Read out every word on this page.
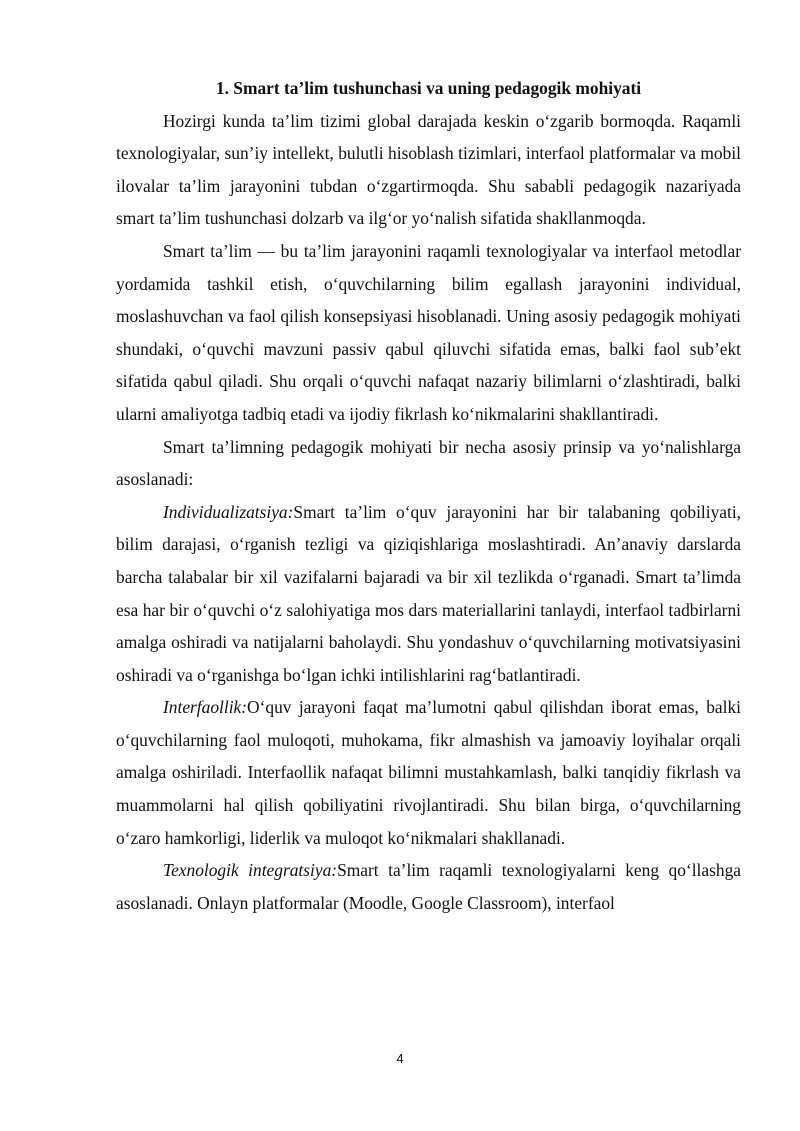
1. Smart ta’lim tushunchasi va uning pedagogik mohiyati

Hozirgi kunda ta’lim tizimi global darajada keskin o‘zgarib bormoqda. Raqamli texnologiyalar, sun’iy intellekt, bulutli hisoblash tizimlari, interfaol platformalar va mobil ilovalar ta’lim jarayonini tubdan o‘zgartirmoqda. Shu sababli pedagogik nazariyada smart ta’lim tushunchasi dolzarb va ilg‘or yo‘nalish sifatida shakllanmoqda.

Smart ta’lim — bu ta’lim jarayonini raqamli texnologiyalar va interfaol metodlar yordamida tashkil etish, o‘quvchilarning bilim egallash jarayonini individual, moslashuvchan va faol qilish konsepsiyasi hisoblanadi. Uning asosiy pedagogik mohiyati shundaki, o‘quvchi mavzuni passiv qabul qiluvchi sifatida emas, balki faol sub’ekt sifatida qabul qiladi. Shu orqali o‘quvchi nafaqat nazariy bilimlarni o‘zlashtiradi, balki ularni amaliyotga tadbiq etadi va ijodiy fikrlash ko‘nikmalarini shakllantiradi.

Smart ta’limning pedagogik mohiyati bir necha asosiy prinsip va yo‘nalishlarga asoslanadi:

Individualizatsiya:Smart ta’lim o‘quv jarayonini har bir talabaning qobiliyati, bilim darajasi, o‘rganish tezligi va qiziqishlariga moslashtiradi. An’anaviy darslarda barcha talabalar bir xil vazifalarni bajaradi va bir xil tezlikda o‘rganadi. Smart ta’limda esa har bir o‘quvchi o‘z salohiyatiga mos dars materiallarini tanlaydi, interfaol tadbirlarni amalga oshiradi va natijalarni baholaydi. Shu yondashuv o‘quvchilarning motivatsiyasini oshiradi va o‘rganishga bo‘lgan ichki intilishlarini rag‘batlantiradi.

Interfaollik:O‘quv jarayoni faqat ma’lumotni qabul qilishdan iborat emas, balki o‘quvchilarning faol muloqoti, muhokama, fikr almashish va jamoaviy loyihalar orqali amalga oshiriladi. Interfaollik nafaqat bilimni mustahkamlash, balki tanqidiy fikrlash va muammolarni hal qilish qobiliyatini rivojlantiradi. Shu bilan birga, o‘quvchilarning o‘zaro hamkorligi, liderlik va muloqot ko‘nikmalari shakllanadi.

Texnologik integratsiya:Smart ta’lim raqamli texnologiyalarni keng qo‘llashga asoslanadi. Onlayn platformalar (Moodle, Google Classroom), interfaol

4
